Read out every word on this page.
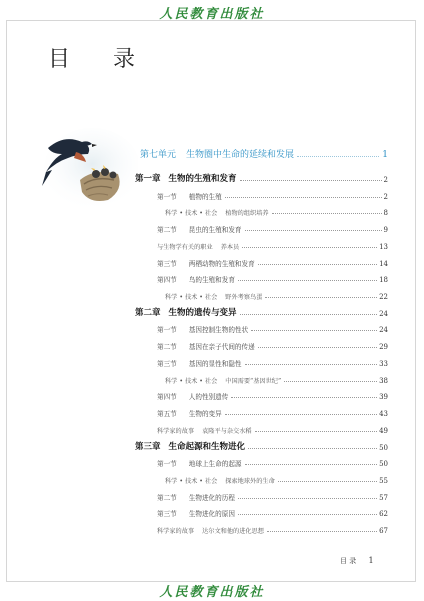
人民教育出版社
目 录
第七单元 生物圈中生命的延续和发展	1
第一章 生物的生殖和发育	2
第一节 植物的生殖	2
科学 • 技术 • 社会 植物的组织培养	8
第二节 昆虫的生殖和发育	9
与生物学有关的职业 养本员	13
第三节 两栖动物的生殖和发育	14
第四节 鸟的生殖和发育	18
科学 • 技术 • 社会 野外考察鸟蛋	22
第二章 生物的遗传与变异	24
第一节 基因控制生物的性状	24
第二节 基因在亲子代间的传递	29
第三节 基因的显性和隐性	33
科学 • 技术 • 社会 中国需要“基因世纪”	38
第四节 人的性别遗传	39
第五节 生物的变异	43
科学家的故事 袁隆平与杂交水稻	49
第三章 生命起源和生物进化	50
第一节 地球上生命的起源	50
科学 • 技术 • 社会 探索地球外的生命	55
第二节 生物进化的历程	57
第三节 生物进化的原因	62
科学家的故事 达尔文和他的进化思想	67
目 录 1
人民教育出版社
